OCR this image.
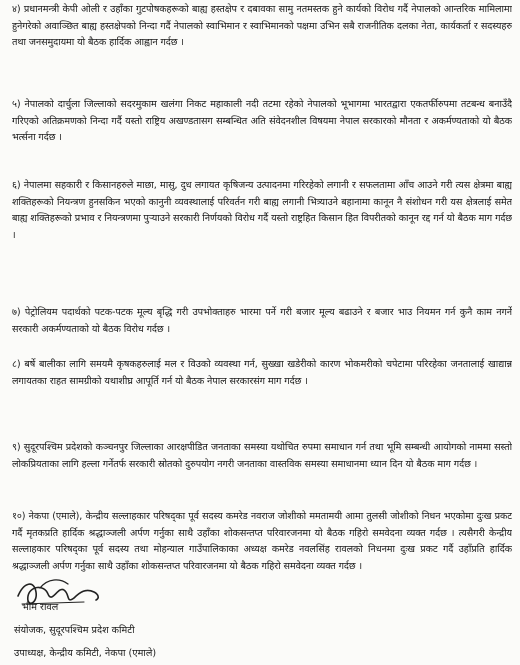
४) प्रधानमन्त्री केपी ओली र उहाँका गुटपोषकहरूको बाह्य हस्तक्षेप र दबावका सामु नतमस्तक हुने कार्यको विरोध गर्दै नेपालको आन्तरिक मामिलामा हुनेगरेको अवाञ्छित बाह्य हस्तक्षेपको निन्दा गर्दै नेपालको स्वाभिमान र स्वाभिमानको पक्षमा उभिन सबै राजनीतिक दलका नेता, कार्यकर्ता र सदस्यहरु तथा जनसमुदायमा यो बैठक हार्दिक आह्वान गर्दछ ।

५) नेपालको दार्चुला जिल्लाको सदरमुकाम खलंगा निकट महाकाली नदी तटमा रहेको नेपालको भूभागमा भारतद्वारा एकतर्फीरुपमा तटबन्ध बनाउँदै गरिएको अतिक्रमणको निन्दा गर्दै यस्तो राष्ट्रिय अखण्डतासग सम्बन्धित अति संवेदनशील विषयमा नेपाल सरकारको मौनता र अकर्मण्यताको यो बैठक भर्त्सना गर्दछ ।

६) नेपालमा सहकारी र किसानहरुले माछा, मासु, दुध लगायत कृषिजन्य उत्पादनमा गरिरहेको लगानी र सफलतामा आँच आउने गरी त्यस क्षेत्रमा बाह्य शक्तिहरूको नियन्त्रण हुनसकिन भएको कानुनी व्यवस्थालाई परिवर्तन गरी बाह्य लगानी भित्र्याउने बहानामा कानून नै संशोधन गरी यस क्षेत्रलाई समेत बाह्य शक्तिहरूको प्रभाव र नियन्त्रणमा पुऱ्याउने सरकारी निर्णयको विरोध गर्दै यस्तो राष्ट्रहित किसान हित विपरीतको कानून रद्द गर्न यो बैठक माग गर्दछ ।

७) पेट्रोलियम पदार्थको पटक-पटक मूल्य बृद्धि गरी उपभोक्ताहरु भारमा पर्ने गरी बजार मूल्य बढाउने र बजार भाउ नियमन गर्न कुनै काम नगर्ने सरकारी अकर्मण्यताको यो बैठक विरोध गर्दछ ।

८) बर्षे बालीका लागि समयमै कृषकहरुलाई मल र विउको व्यवस्था गर्न, सुख्खा खडेरीको कारण भोकमरीको चपेटामा परिरहेका जनतालाई खाद्यान्न लगायतका राहत सामग्रीको यथाशीघ्र आपूर्ति गर्न यो बैठक नेपाल सरकारसंग माग गर्दछ ।

९) सुदूरपश्चिम प्रदेशको कञ्चनपुर जिल्लाका आरक्षपीडित जनताका समस्या यथोचित रुपमा समाधान गर्न तथा भूमि सम्बन्धी आयोगको नाममा सस्तो लोकप्रियताका लागि हल्ला गर्नेतर्फ सरकारी स्रोतको दुरुपयोग नगरी जनताका वास्तविक समस्या समाधानमा ध्यान दिन यो बैठक माग गर्दछ ।

१०) नेकपा (एमाले), केन्द्रीय सल्लाहकार परिषद्का पूर्व सदस्य कमरेड नवराज जोशीको ममतामयी आमा तुलसी जोशीको निधन भएकोमा दुःख प्रकट गर्दै मृतकप्रति हार्दिक श्रद्धाञ्जली अर्पण गर्नुका साथै उहाँका शोकसन्तप्त परिवारजनमा यो बैठक गहिरो समवेदना व्यक्त गर्दछ । त्यसैगरी केन्द्रीय सल्लाहकार परिषद्का पूर्व सदस्य तथा मोहन्याल गाउँपालिकाका अध्यक्ष कमरेड नवलसिंह रावलको निधनमा दुःख प्रकट गर्दै उहाँप्रति हार्दिक श्रद्धाञ्जली अर्पण गर्नुका साथै उहाँका शोकसन्तप्त परिवारजनमा यो बैठक गहिरो समवेदना व्यक्त गर्दछ ।

भीम रावल
संयोजक, सुदूरपश्चिम प्रदेश कमिटी
उपाध्यक्ष, केन्द्रीय कमिटी, नेकपा (एमाले)
